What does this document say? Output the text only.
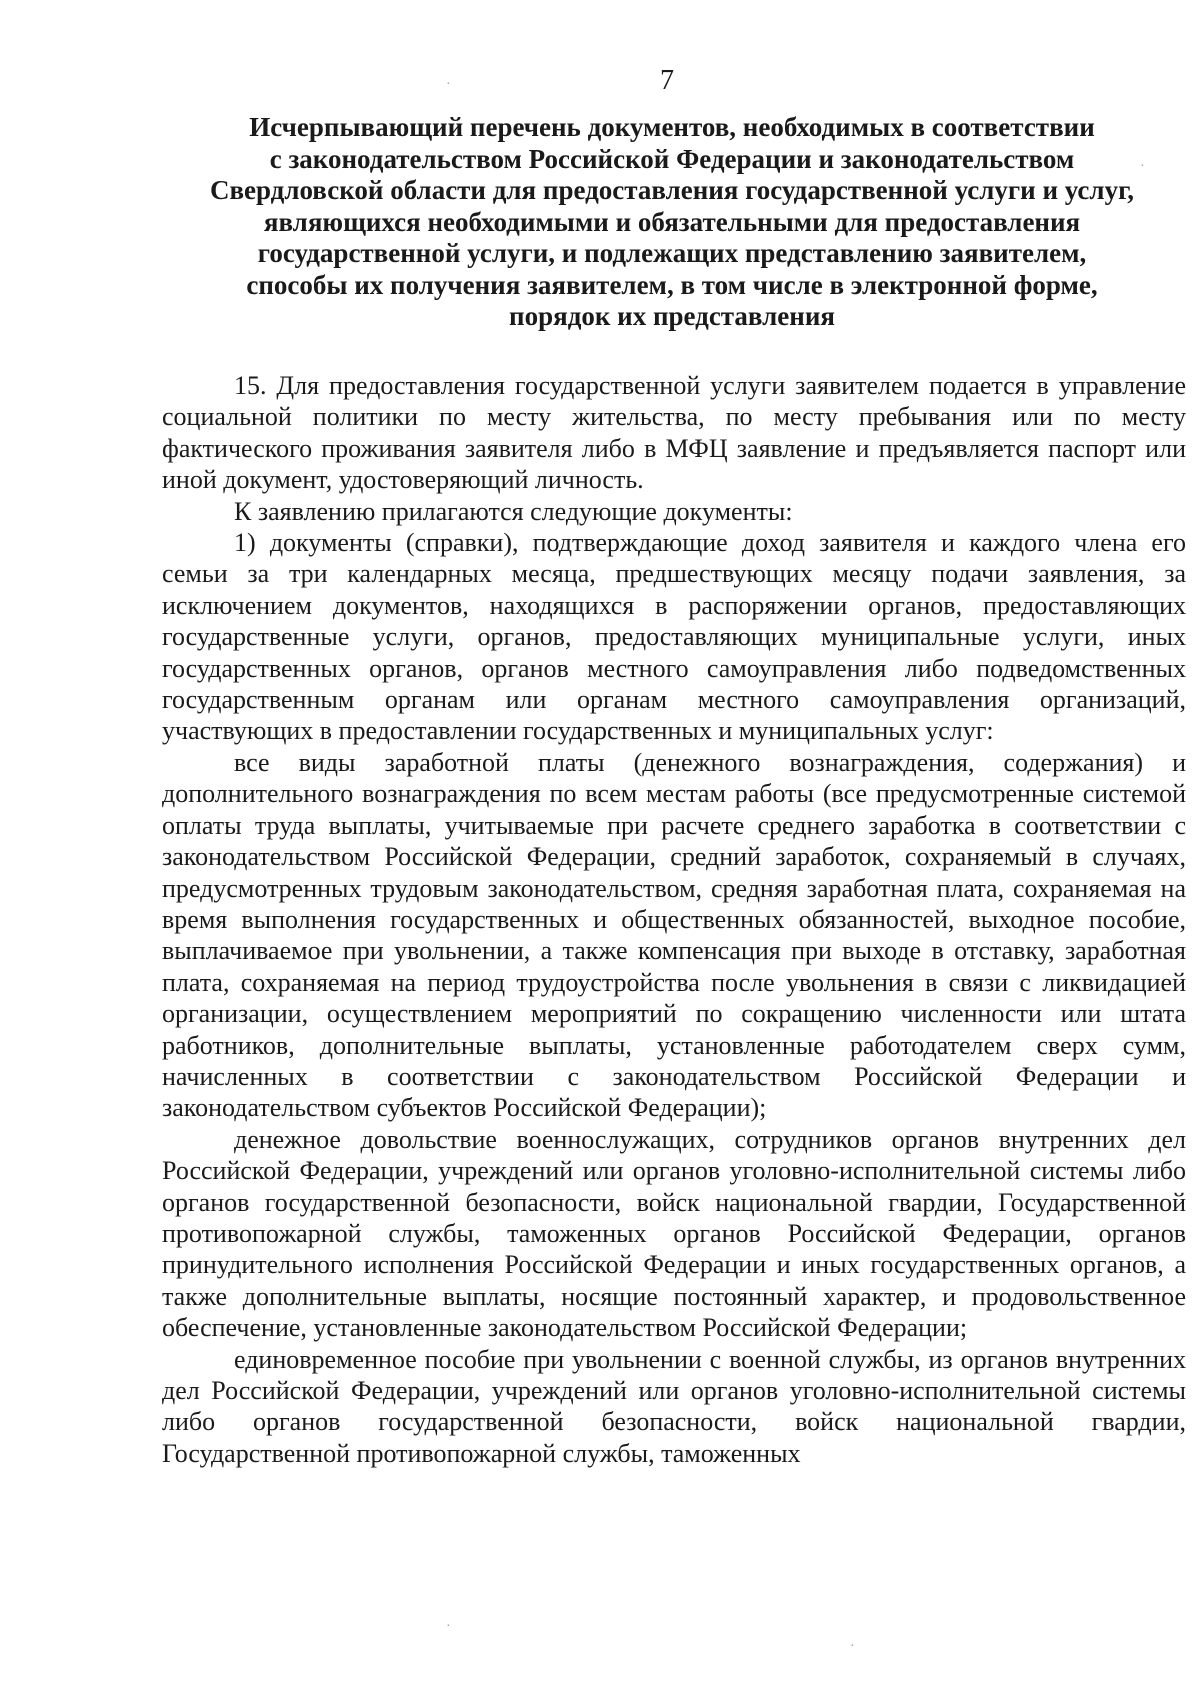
7
Исчерпывающий перечень документов, необходимых в соответствии
с законодательством Российской Федерации и законодательством
Свердловской области для предоставления государственной услуги и услуг,
являющихся необходимыми и обязательными для предоставления
государственной услуги, и подлежащих представлению заявителем,
способы их получения заявителем, в том числе в электронной форме,
порядок их представления

15. Для предоставления государственной услуги заявителем подается в управление социальной политики по месту жительства, по месту пребывания или по месту фактического проживания заявителя либо в МФЦ заявление и предъявляется паспорт или иной документ, удостоверяющий личность.

К заявлению прилагаются следующие документы:

1) документы (справки), подтверждающие доход заявителя и каждого члена его семьи за три календарных месяца, предшествующих месяцу подачи заявления, за исключением документов, находящихся в распоряжении органов, предоставляющих государственные услуги, органов, предоставляющих муниципальные услуги, иных государственных органов, органов местного самоуправления либо подведомственных государственным органам или органам местного самоуправления организаций, участвующих в предоставлении государственных и муниципальных услуг:

все виды заработной платы (денежного вознаграждения, содержания) и дополнительного вознаграждения по всем местам работы (все предусмотренные системой оплаты труда выплаты, учитываемые при расчете среднего заработка в соответствии с законодательством Российской Федерации, средний заработок, сохраняемый в случаях, предусмотренных трудовым законодательством, средняя заработная плата, сохраняемая на время выполнения государственных и общественных обязанностей, выходное пособие, выплачиваемое при увольнении, а также компенсация при выходе в отставку, заработная плата, сохраняемая на период трудоустройства после увольнения в связи с ликвидацией организации, осуществлением мероприятий по сокращению численности или штата работников, дополнительные выплаты, установленные работодателем сверх сумм, начисленных в соответствии с законодательством Российской Федерации и законодательством субъектов Российской Федерации);

денежное довольствие военнослужащих, сотрудников органов внутренних дел Российской Федерации, учреждений или органов уголовно-исполнительной системы либо органов государственной безопасности, войск национальной гвардии, Государственной противопожарной службы, таможенных органов Российской Федерации, органов принудительного исполнения Российской Федерации и иных государственных органов, а также дополнительные выплаты, носящие постоянный характер, и продовольственное обеспечение, установленные законодательством Российской Федерации;

единовременное пособие при увольнении с военной службы, из органов внутренних дел Российской Федерации, учреждений или органов уголовно-исполнительной системы либо органов государственной безопасности, войск национальной гвардии, Государственной противопожарной службы, таможенных

·
·
·
·
